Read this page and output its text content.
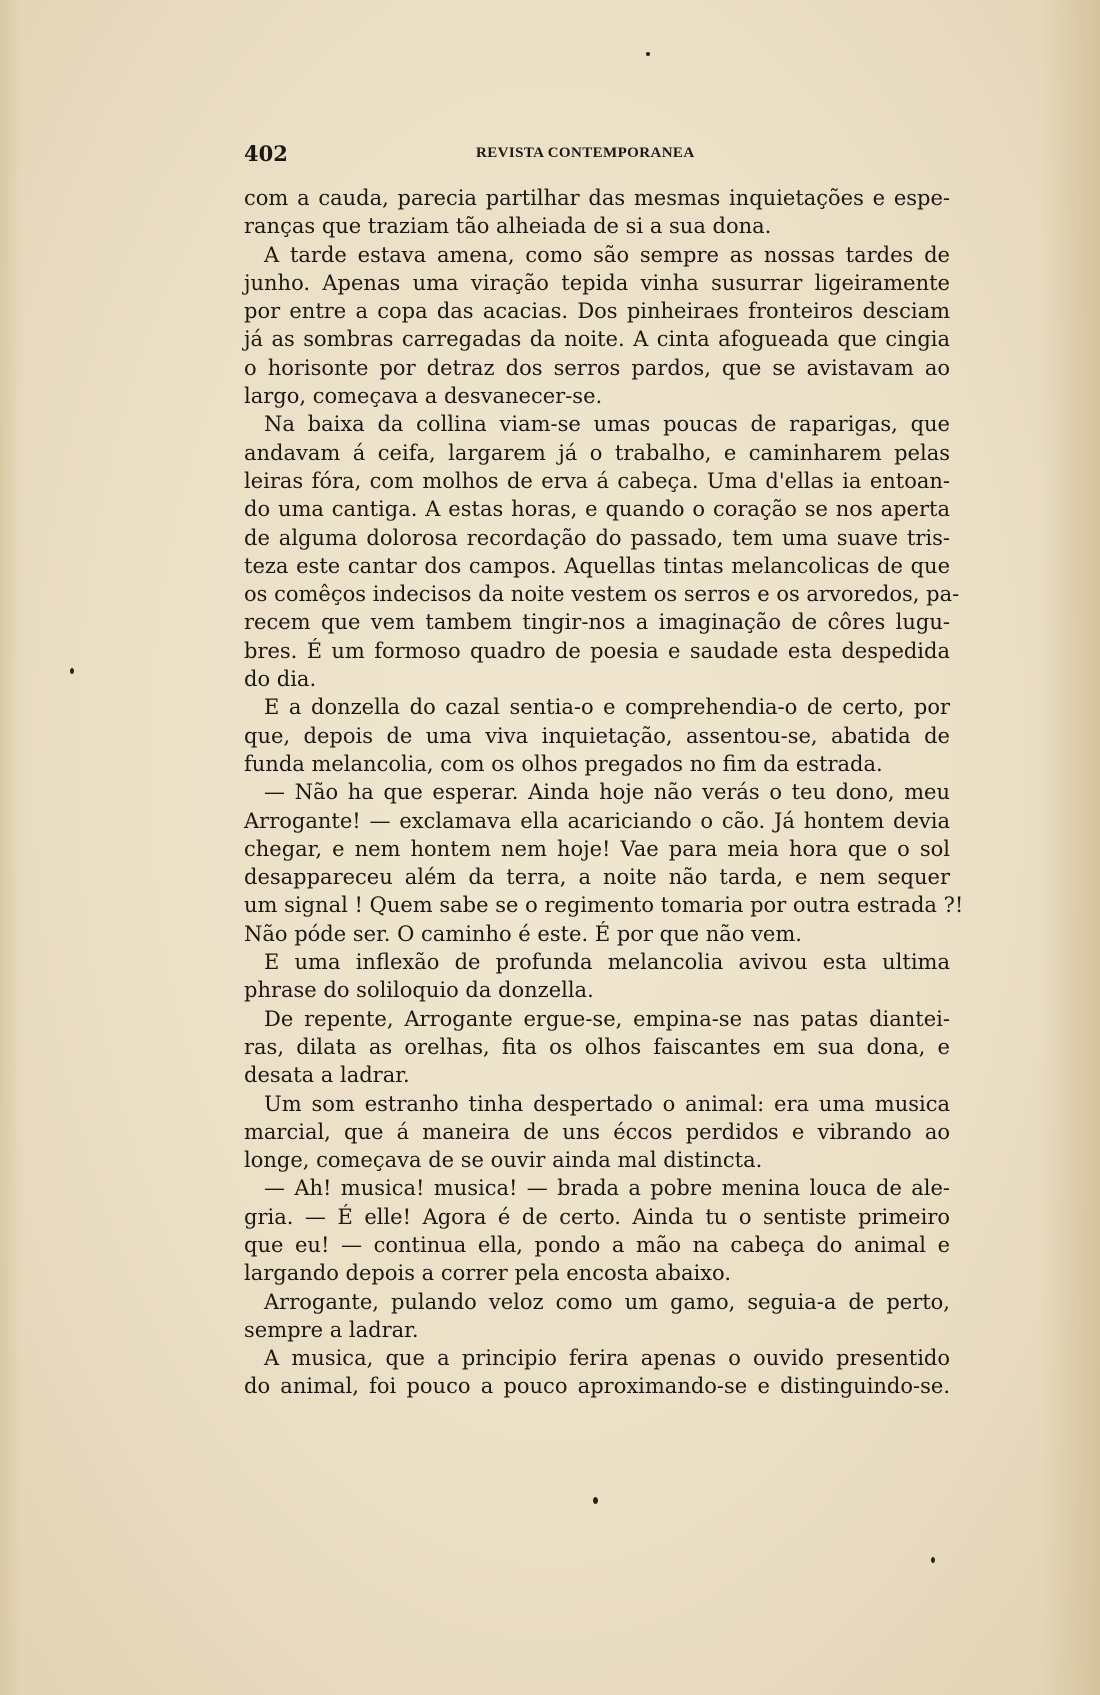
402	REVISTA CONTEMPORANEA
com a cauda, parecia partilhar das mesmas inquietações e espe-
ranças que traziam tão alheiada de si a sua dona.
A tarde estava amena, como são sempre as nossas tardes de
junho. Apenas uma viração tepida vinha susurrar ligeiramente
por entre a copa das acacias. Dos pinheiraes fronteiros desciam
já as sombras carregadas da noite. A cinta afogueada que cingia
o horisonte por detraz dos serros pardos, que se avistavam ao
largo, começava a desvanecer-se.
Na baixa da collina viam-se umas poucas de raparigas, que
andavam á ceifa, largarem já o trabalho, e caminharem pelas
leiras fóra, com molhos de erva á cabeça. Uma d'ellas ia entoan-
do uma cantiga. A estas horas, e quando o coração se nos aperta
de alguma dolorosa recordação do passado, tem uma suave tris-
teza este cantar dos campos. Aquellas tintas melancolicas de que
os comêços indecisos da noite vestem os serros e os arvoredos, pa-
recem que vem tambem tingir-nos a imaginação de côres lugu-
bres. É um formoso quadro de poesia e saudade esta despedida
do dia.
E a donzella do cazal sentia-o e comprehendia-o de certo, por
que, depois de uma viva inquietação, assentou-se, abatida de
funda melancolia, com os olhos pregados no fim da estrada.
— Não ha que esperar. Ainda hoje não verás o teu dono, meu
Arrogante! — exclamava ella acariciando o cão. Já hontem devia
chegar, e nem hontem nem hoje! Vae para meia hora que o sol
desappareceu além da terra, a noite não tarda, e nem sequer
um signal ! Quem sabe se o regimento tomaria por outra estrada ?!
Não póde ser. O caminho é este. É por que não vem.
E uma inflexão de profunda melancolia avivou esta ultima
phrase do soliloquio da donzella.
De repente, Arrogante ergue-se, empina-se nas patas diantei-
ras, dilata as orelhas, fita os olhos faiscantes em sua dona, e
desata a ladrar.
Um som estranho tinha despertado o animal: era uma musica
marcial, que á maneira de uns éccos perdidos e vibrando ao
longe, começava de se ouvir ainda mal distincta.
— Ah! musica! musica! — brada a pobre menina louca de ale-
gria. — É elle! Agora é de certo. Ainda tu o sentiste primeiro
que eu! — continua ella, pondo a mão na cabeça do animal e
largando depois a correr pela encosta abaixo.
Arrogante, pulando veloz como um gamo, seguia-a de perto,
sempre a ladrar.
A musica, que a principio ferira apenas o ouvido presentido
do animal, foi pouco a pouco aproximando-se e distinguindo-se.
